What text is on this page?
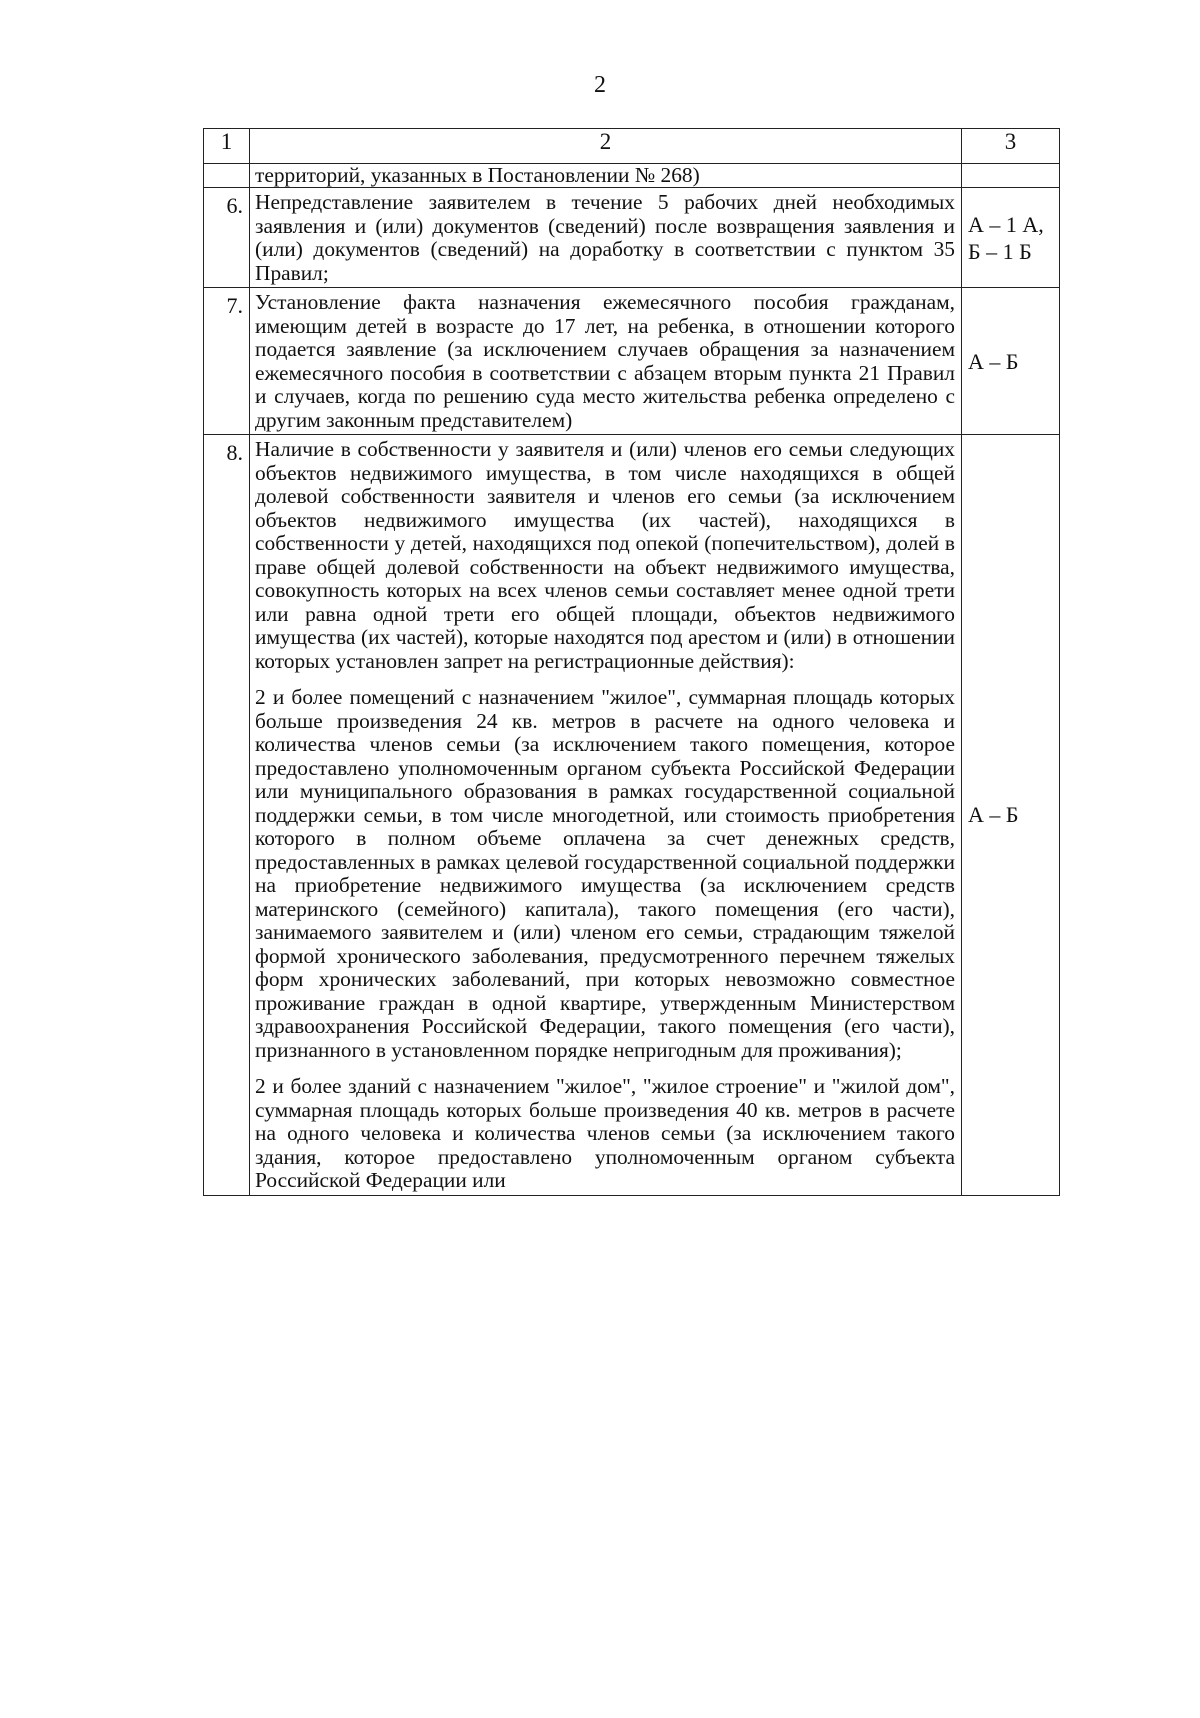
2
1	2	3
	территорий, указанных в Постановлении № 268)	
6.	Непредставление заявителем в течение 5 рабочих дней необходимых заявления и (или) документов (сведений) после возвращения заявления и (или) документов (сведений) на доработку в соответствии с пунктом 35 Правил;	А – 1 А,
Б – 1 Б

7.	Установление факта назначения ежемесячного пособия гражданам, имеющим детей в возрасте до 17 лет, на ребенка, в отношении которого подается заявление (за исключением случаев обращения за назначением ежемесячного пособия в соответствии с абзацем вторым пункта 21 Правил и случаев, когда по решению суда место жительства ребенка определено с другим законным представителем)	А – Б

8.	Наличие в собственности у заявителя и (или) членов его семьи следующих объектов недвижимого имущества, в том числе находящихся в общей долевой собственности заявителя и членов его семьи (за исключением объектов недвижимого имущества (их частей), находящихся в собственности у детей, находящихся под опекой (попечительством), долей в праве общей долевой собственности на объект недвижимого имущества, совокупность которых на всех членов семьи составляет менее одной трети или равна одной трети его общей площади, объектов недвижимого имущества (их частей), которые находятся под арестом и (или) в отношении которых установлен запрет на регистрационные действия):

2 и более помещений с назначением "жилое", суммарная площадь которых больше произведения 24 кв. метров в расчете на одного человека и количества членов семьи (за исключением такого помещения, которое предоставлено уполномоченным органом субъекта Российской Федерации или муниципального образования в рамках государственной социальной поддержки семьи, в том числе многодетной, или стоимость приобретения которого в полном объеме оплачена за счет денежных средств, предоставленных в рамках целевой государственной социальной поддержки на приобретение недвижимого имущества (за исключением средств материнского (семейного) капитала), такого помещения (его части), занимаемого заявителем и (или) членом его семьи, страдающим тяжелой формой хронического заболевания, предусмотренного перечнем тяжелых форм хронических заболеваний, при которых невозможно совместное проживание граждан в одной квартире, утвержденным Министерством здравоохранения Российской Федерации, такого помещения (его части), признанного в установленном порядке непригодным для проживания);

2 и более зданий с назначением "жилое", "жилое строение" и "жилой дом", суммарная площадь которых больше произведения 40 кв. метров в расчете на одного человека и количества членов семьи (за исключением такого здания, которое предоставлено уполномоченным органом субъекта Российской Федерации или	А – Б
